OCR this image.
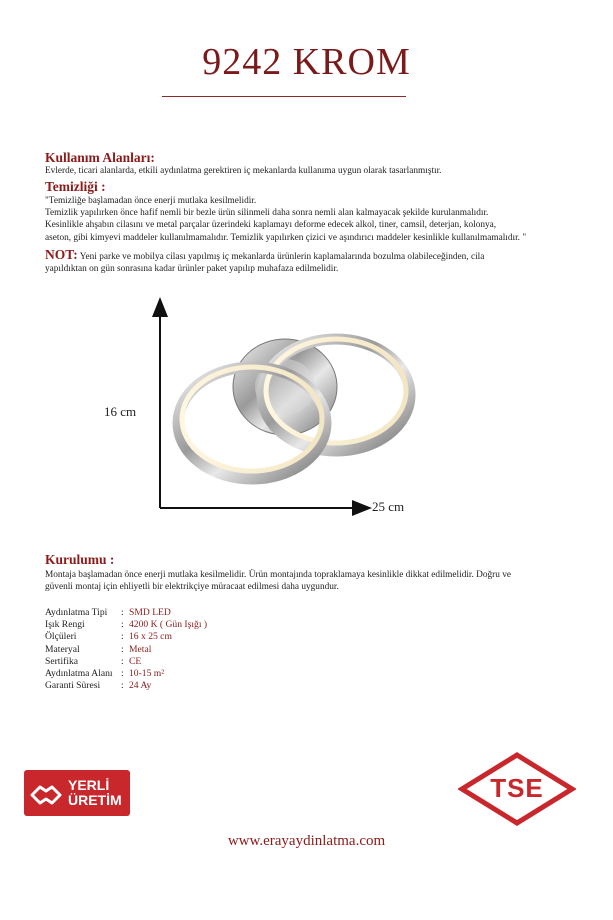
9242 KROM
Kullanım Alanları:
Evlerde, ticari alanlarda, etkili aydınlatma gerektiren iç mekanlarda kullanıma uygun olarak tasarlanmıştır.
Temizliği :
"Temizliğe başlamadan önce enerji mutlaka kesilmelidir.
Temizlik yapılırken önce hafif nemli bir bezle ürün silinmeli daha sonra nemli alan kalmayacak şekilde kurulanmalıdır.
Kesinlikle ahşabın cilasını ve metal parçalar üzerindeki kaplamayı deforme edecek alkol, tiner, camsil, deterjan, kolonya,
aseton, gibi kimyevi maddeler kullanılmamalıdır. Temizlik yapılırken çizici ve aşındırıcı maddeler kesinlikle kullanılmamalıdır. "
NOT: Yeni parke ve mobilya cilası yapılmış iç mekanlarda ürünlerin kaplamalarında bozulma olabileceğinden, cila
yapıldıktan on gün sonrasına kadar ürünler paket yapılıp muhafaza edilmelidir.
16 cm
25 cm
Kurulumu :
Montaja başlamadan önce enerji mutlaka kesilmelidir. Ürün montajında topraklamaya kesinlikle dikkat edilmelidir. Doğru ve
güvenli montaj için ehliyetli bir elektrikçiye müracaat edilmesi daha uygundur.
Aydınlatma Tipi	: SMD LED
Işık Rengi	: 4200 K ( Gün Işığı )
Ölçüleri	: 16 x 25 cm
Materyal	: Metal
Sertifika	: CE
Aydınlatma Alanı : 10-15 m²
Garanti Süresi	: 24 Ay
YERLİ
ÜRETİM	TSE
www.erayaydinlatma.com
